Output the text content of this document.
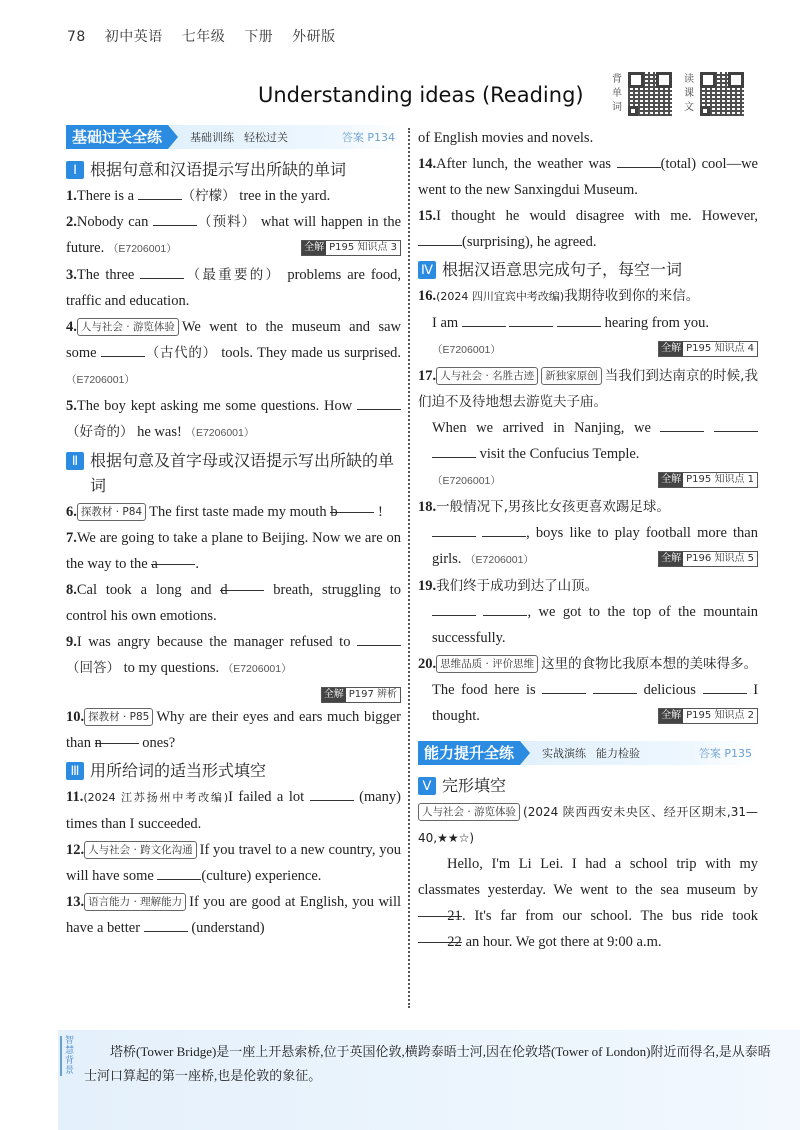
78 初中英语 七年级 下册 外研版
Understanding ideas (Reading)
背
单
词
读
课
文
基础过关全练	基础训练 轻松过关	答案 P134
Ⅰ 根据句意和汉语提示写出所缺的单词
1.There is a	（柠檬） tree in the yard.
2.Nobody can	（预料） what will happen in the future. （E7206001）	全解 P195 知识点 3
3.The three	（最重要的） problems are food, traffic and education.
4. 人与社会 · 游览体验 We went to the museum and saw some	（古代的） tools. They made us surprised. （E7206001）
5.The boy kept asking me some questions. How （好奇的） he was! （E7206001）
Ⅱ 根据句意及首字母或汉语提示写出所缺的单词
6. 探教材 · P84 The first taste made my mouth b	!
7.We are going to take a plane to Beijing. Now we are on the way to the a	.
8.Cal took a long and d	breath, struggling to control his own emotions.
9.I was angry because the manager refused to （回答） to my questions. （E7206001）
全解 P197 辨析
10. 探教材 · P85 Why are their eyes and ears much bigger than n	ones?
Ⅲ 用所给词的适当形式填空
11.(2024 江苏扬州中考改编)I failed a lot	(many) times than I succeeded.
12. 人与社会 · 跨文化沟通 If you travel to a new country, you will have some	(culture) experience.
13. 语言能力 · 理解能力 If you are good at English, you will have a better	(understand)
of English movies and novels.
14.After lunch, the weather was	(total) cool—we went to the new Sanxingdui Museum.
15.I thought he would disagree with me. However, (surprising), he agreed.
Ⅳ 根据汉语意思完成句子，每空一词
16.(2024 四川宜宾中考改编)我期待收到你的来信。
I am	hearing from you.
（E7206001）	全解 P195 知识点 4
17. 人与社会 · 名胜古迹 新独家原创 当我们到达南京的时候,我们迫不及待地想去游览夫子庙。
When we arrived in Nanjing, we    visit the Confucius Temple.
（E7206001）	全解 P195 知识点 1
18.一般情况下,男孩比女孩更喜欢踢足球。
, boys like to play football more than girls. （E7206001）	全解 P196 知识点 5
19.我们终于成功到达了山顶。
, we got to the top of the mountain successfully.
20. 思维品质 · 评价思维 这里的食物比我原本想的美味得多。
The food here is	delicious	I thought.	全解 P195 知识点 2
能力提升全练	实战演练 能力检验	答案 P135
Ⅴ 完形填空
人与社会 · 游览体验 (2024 陕西西安未央区、经开区期末,31—40,★★☆)
Hello, I'm Li Lei. I had a school trip with my classmates yesterday. We went to the sea museum by 21. It's far from our school. The bus ride took 22 an hour. We got there at 9:00 a.m.
智慧背景
塔桥(Tower Bridge)是一座上开悬索桥,位于英国伦敦,横跨泰晤士河,因在伦敦塔(Tower of London)附近而得名,是从泰晤士河口算起的第一座桥,也是伦敦的象征。
